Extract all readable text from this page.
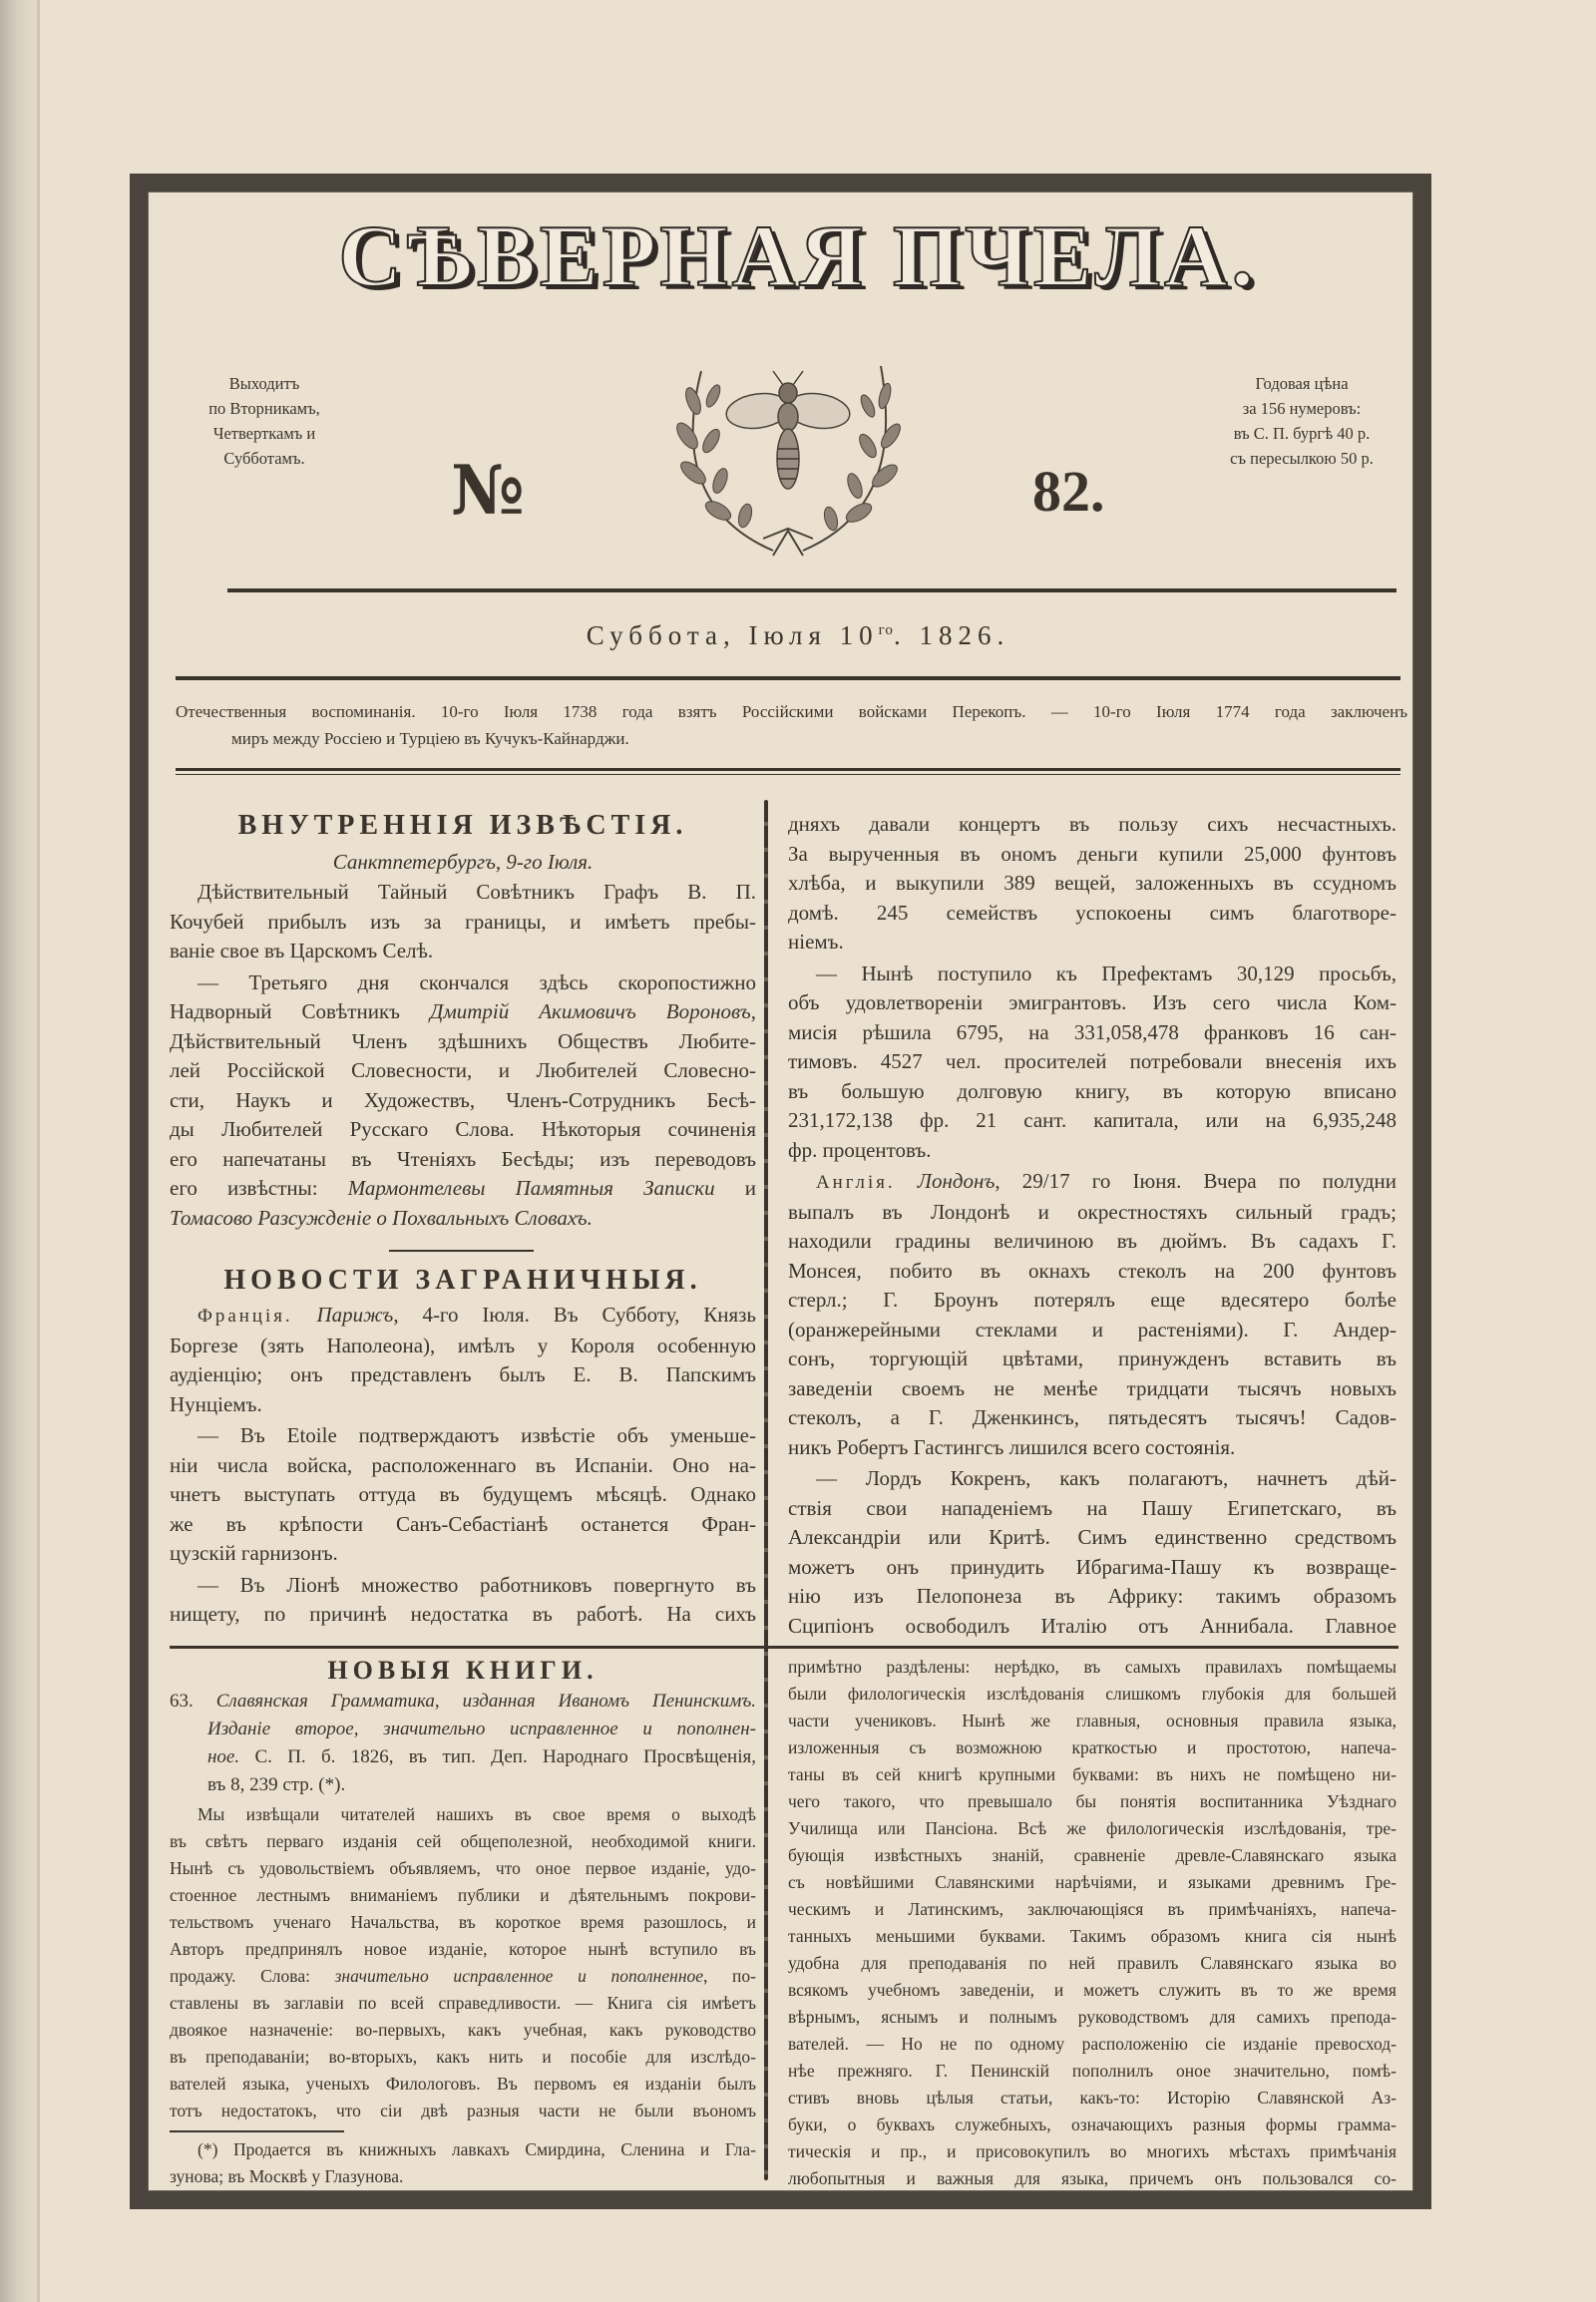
СѢВЕРНАЯ ПЧЕЛА.
Выходитъ
по Вторникамъ,
Четверткамъ и
Субботамъ.
Годовая цѣна
за 156 нумеровъ:
въ С. П. бургѣ 40 р.
съ пересылкою 50 р.
№	82.
Суббота, Іюля $10^{го}$. 1826.
Отечественныя воспоминанія. 10-го Іюля 1738 года взятъ Россійскими войсками Перекопъ. — 10-го Іюля 1774 года заключенъ
миръ между Россіею и Турціею въ Кучукъ-Кайнарджи.
ВНУТРЕННІЯ ИЗВѢСТІЯ.
Санктпетербургъ, 9-го Іюля.
Дѣйствительный Тайный Совѣтникъ Графъ В. П.
Кочубей прибылъ изъ за границы, и имѣетъ пребы-
ваніе свое въ Царскомъ Селѣ.
— Третьяго дня скончался здѣсь скоропостижно
Надворный Совѣтникъ Дмитрій Акимовичъ Вороновъ,
Дѣйствительный Членъ здѣшнихъ Обществъ Любите-
лей Россійской Словесности, и Любителей Словесно-
сти, Наукъ и Художествъ, Членъ-Сотрудникъ Бесѣ-
ды Любителей Русскаго Слова. Нѣкоторыя сочиненія
его напечатаны въ Чтеніяхъ Бесѣды; изъ переводовъ
его извѣстны: Мармонтелевы Памятныя Записки и
Томасово Разсужденіе о Похвальныхъ Словахъ.
НОВОСТИ ЗАГРАНИЧНЫЯ.
Франція. Парижъ, 4-го Іюля. Въ Субботу, Князь
Боргезе (зять Наполеона), имѣлъ у Короля особенную
аудіенцію; онъ представленъ былъ Е. В. Папскимъ
Нунціемъ.
— Въ Etoile подтверждаютъ извѣстіе объ уменьше-
ніи числа войска, расположеннаго въ Испаніи. Оно на-
чнетъ выступать оттуда въ будущемъ мѣсяцѣ. Однако
же въ крѣпости Санъ-Себастіанѣ останется Фран-
цузскій гарнизонъ.
— Въ Ліонѣ множество работниковъ повергнуто въ
нищету, по причинѣ недостатка въ работѣ. На сихъ
дняхъ давали концертъ въ пользу сихъ несчастныхъ.
За вырученныя въ ономъ деньги купили 25,000 фунтовъ
хлѣба, и выкупили 389 вещей, заложенныхъ въ ссудномъ
домѣ. 245 семействъ успокоены симъ благотворе-
ніемъ.
— Нынѣ поступило къ Префектамъ 30,129 просьбъ,
объ удовлетвореніи эмигрантовъ. Изъ сего числа Ком-
мисія рѣшила 6795, на 331,058,478 франковъ 16 сан-
тимовъ. 4527 чел. просителей потребовали внесенія ихъ
въ большую долговую книгу, въ которую вписано
231,172,138 фр. 21 сант. капитала, или на 6,935,248
фр. процентовъ.
Англія. Лондонъ, 29/17 го Іюня. Вчера по полудни
выпалъ въ Лондонѣ и окрестностяхъ сильный градъ;
находили градины величиною въ дюймъ. Въ садахъ Г.
Монсея, побито въ окнахъ стеколъ на 200 фунтовъ
стерл.; Г. Броунъ потерялъ еще вдесятеро болѣе
(оранжерейными стеклами и растеніями). Г. Андер-
сонъ, торгующій цвѣтами, принужденъ вставить въ
заведеніи своемъ не менѣе тридцати тысячъ новыхъ
стеколъ, а Г. Дженкинсъ, пятьдесятъ тысячъ! Садов-
никъ Робертъ Гастингсъ лишился всего состоянія.
— Лордъ Кокренъ, какъ полагаютъ, начнетъ дѣй-
ствія свои нападеніемъ на Пашу Египетскаго, въ
Александріи или Критѣ. Симъ единственно средствомъ
можетъ онъ принудить Ибрагима-Пашу къ возвраще-
нію изъ Пелопонеза въ Африку: такимъ образомъ
Сципіонъ освободилъ Италію отъ Аннибала. Главное
НОВЫЯ КНИГИ.
63. Славянская Грамматика, изданная Иваномъ Пенинскимъ.
Изданіе второе, значительно исправленное и пополнен-
ное. С. П. б. 1826, въ тип. Деп. Народнаго Просвѣщенія,
въ 8, 239 стр. (*).
Мы извѣщали читателей нашихъ въ свое время о выходѣ
въ свѣтъ перваго изданія сей общеполезной, необходимой книги.
Нынѣ съ удовольствіемъ объявляемъ, что оное первое изданіе, удо-
стоенное лестнымъ вниманіемъ публики и дѣятельнымъ покрови-
тельствомъ ученаго Начальства, въ короткое время разошлось, и
Авторъ предпринялъ новое изданіе, которое нынѣ вступило въ
продажу. Слова: значительно исправленное и пополненное, по-
ставлены въ заглавіи по всей справедливости. — Книга сія имѣетъ
двоякое назначеніе: во-первыхъ, какъ учебная, какъ руководство
въ преподаваніи; во-вторыхъ, какъ нить и пособіе для изслѣдо-
вателей языка, ученыхъ Филологовъ. Въ первомъ ея изданіи былъ
тотъ недостатокъ, что сіи двѣ разныя части не были въономъ
(*) Продается въ книжныхъ лавкахъ Смирдина, Сленина и Гла-
зунова; въ Москвѣ у Глазунова.
примѣтно раздѣлены: нерѣдко, въ самыхъ правилахъ помѣщаемы
были филологическія изслѣдованія слишкомъ глубокія для большей
части учениковъ. Нынѣ же главныя, основныя правила языка,
изложенныя съ возможною краткостью и простотою, напеча-
таны въ сей книгѣ крупными буквами: въ нихъ не помѣщено ни-
чего такого, что превышало бы понятія воспитанника Уѣзднаго
Училища или Пансіона. Всѣ же филологическія изслѣдованія, тре-
бующія извѣстныхъ знаній, сравненіе древле-Славянскаго языка
съ новѣйшими Славянскими нарѣчіями, и языками древнимъ Гре-
ческимъ и Латинскимъ, заключающіяся въ примѣчаніяхъ, напеча-
танныхъ меньшими буквами. Такимъ образомъ книга сія нынѣ
удобна для преподаванія по ней правилъ Славянскаго языка во
всякомъ учебномъ заведеніи, и можетъ служить въ то же время
вѣрнымъ, яснымъ и полнымъ руководствомъ для самихъ препода-
вателей. — Но не по одному расположенію сіе изданіе превосход-
нѣе прежняго. Г. Пенинскій пополнилъ оное значительно, помѣ-
стивъ вновь цѣлыя статьи, какъ-то: Исторію Славянской Аз-
буки, о буквахъ служебныхъ, означающихъ разныя формы грамма-
тическія и пр., и присовокупилъ во многихъ мѣстахъ примѣчанія
любопытныя и важныя для языка, причемъ онъ пользовался со-
